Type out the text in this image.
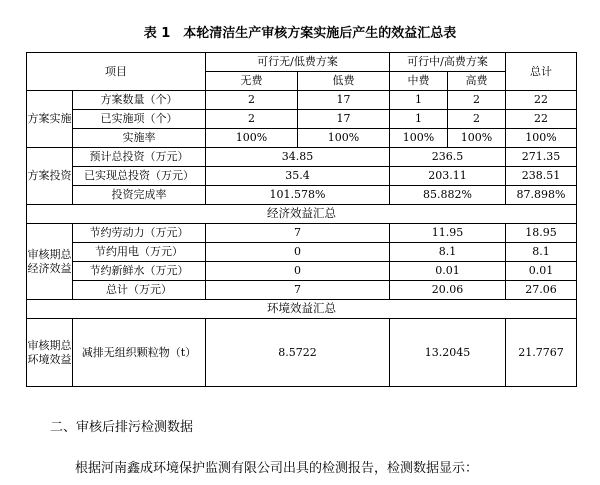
表 1　本轮清洁生产审核方案实施后产生的效益汇总表
项目		可行无/低费方案		可行中/高费方案		总计
		无费	低费	中费	高费	
方案实施	方案数量（个）	2	17	1	2	22
	已实施项（个）	2	17	1	2	22
	实施率	100%	100%	100%	100%	100%
方案投资	预计总投资（万元）	34.85		236.5		271.35
	已实现总投资（万元）	35.4		203.11		238.51
	投资完成率	101.578%		85.882%		87.898%
经济效益汇总						
审核期总经济效益	节约劳动力（万元）	7		11.95		18.95
	节约用电（万元）	0		8.1		8.1
	节约新鲜水（万元）	0		0.01		0.01
	总计（万元）	7		20.06		27.06
环境效益汇总						
审核期总环境效益	减排无组织颗粒物（t）	8.5722		13.2045		21.7767
二、审核后排污检测数据
根据河南鑫成环境保护监测有限公司出具的检测报告，检测数据显示：
